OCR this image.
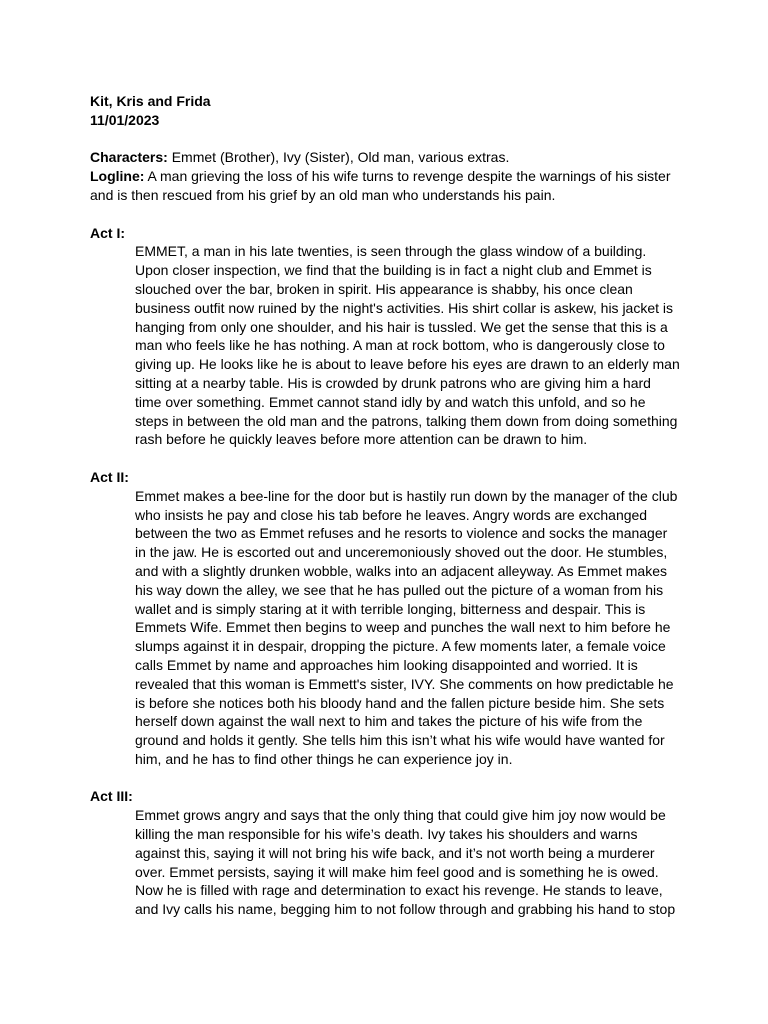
Kit, Kris and Frida
11/01/2023
Characters: Emmet (Brother), Ivy (Sister), Old man, various extras.
Logline: A man grieving the loss of his wife turns to revenge despite the warnings of his sister and is then rescued from his grief by an old man who understands his pain.
Act I:
EMMET, a man in his late twenties, is seen through the glass window of a building. Upon closer inspection, we find that the building is in fact a night club and Emmet is slouched over the bar, broken in spirit. His appearance is shabby, his once clean business outfit now ruined by the night's activities. His shirt collar is askew, his jacket is hanging from only one shoulder, and his hair is tussled. We get the sense that this is a man who feels like he has nothing. A man at rock bottom, who is dangerously close to giving up. He looks like he is about to leave before his eyes are drawn to an elderly man sitting at a nearby table. His is crowded by drunk patrons who are giving him a hard time over something. Emmet cannot stand idly by and watch this unfold, and so he steps in between the old man and the patrons, talking them down from doing something rash before he quickly leaves before more attention can be drawn to him.
Act II:
Emmet makes a bee-line for the door but is hastily run down by the manager of the club who insists he pay and close his tab before he leaves. Angry words are exchanged between the two as Emmet refuses and he resorts to violence and socks the manager in the jaw. He is escorted out and unceremoniously shoved out the door. He stumbles, and with a slightly drunken wobble, walks into an adjacent alleyway. As Emmet makes his way down the alley, we see that he has pulled out the picture of a woman from his wallet and is simply staring at it with terrible longing, bitterness and despair. This is Emmets Wife. Emmet then begins to weep and punches the wall next to him before he slumps against it in despair, dropping the picture. A few moments later, a female voice calls Emmet by name and approaches him looking disappointed and worried. It is revealed that this woman is Emmett's sister, IVY. She comments on how predictable he is before she notices both his bloody hand and the fallen picture beside him. She sets herself down against the wall next to him and takes the picture of his wife from the ground and holds it gently. She tells him this isn’t what his wife would have wanted for him, and he has to find other things he can experience joy in.
Act III:
Emmet grows angry and says that the only thing that could give him joy now would be killing the man responsible for his wife’s death. Ivy takes his shoulders and warns against this, saying it will not bring his wife back, and it’s not worth being a murderer over. Emmet persists, saying it will make him feel good and is something he is owed. Now he is filled with rage and determination to exact his revenge. He stands to leave, and Ivy calls his name, begging him to not follow through and grabbing his hand to stop
